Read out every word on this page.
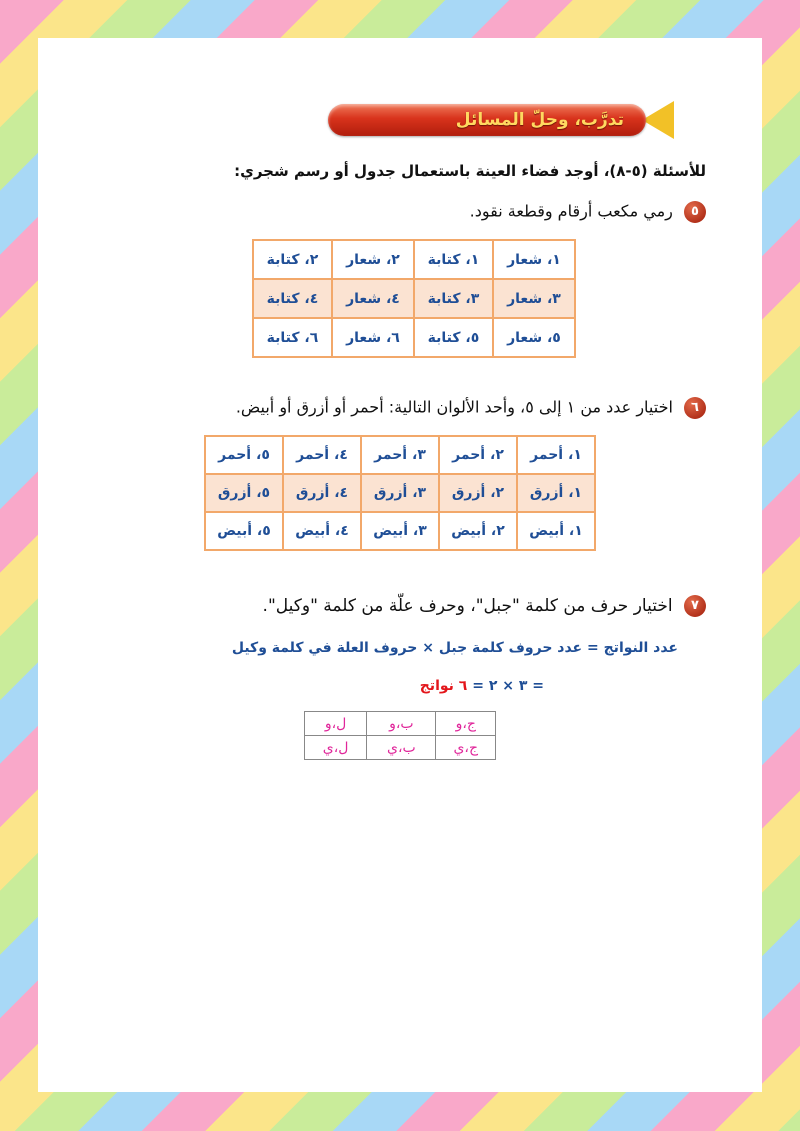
تدرَّب، وحلّ المسائل
للأسئلة (٥-٨)، أوجد فضاء العينة باستعمال جدول أو رسم شجري:
٥ رمي مكعب أرقام وقطعة نقود.
١، شعار	١، كتابة	٢، شعار	٢، كتابة
٣، شعار	٣، كتابة	٤، شعار	٤، كتابة
٥، شعار	٥، كتابة	٦، شعار	٦، كتابة
٦ اختيار عدد من ١ إلى ٥، وأحد الألوان التالية: أحمر أو أزرق أو أبيض.
١، أحمر	٢، أحمر	٣، أحمر	٤، أحمر	٥، أحمر
١، أزرق	٢، أزرق	٣، أزرق	٤، أزرق	٥، أزرق
١، أبيض	٢، أبيض	٣، أبيض	٤، أبيض	٥، أبيض
٧ اختيار حرف من كلمة "جبل"، وحرف علّة من كلمة "وكيل".
عدد النواتج = عدد حروف كلمة جبل × حروف العلة في كلمة وكيل
= ٣ × ٢ = ٦ نواتج
ج،و	ب،و	ل،و
ج،ي	ب،ي	ل،ي
